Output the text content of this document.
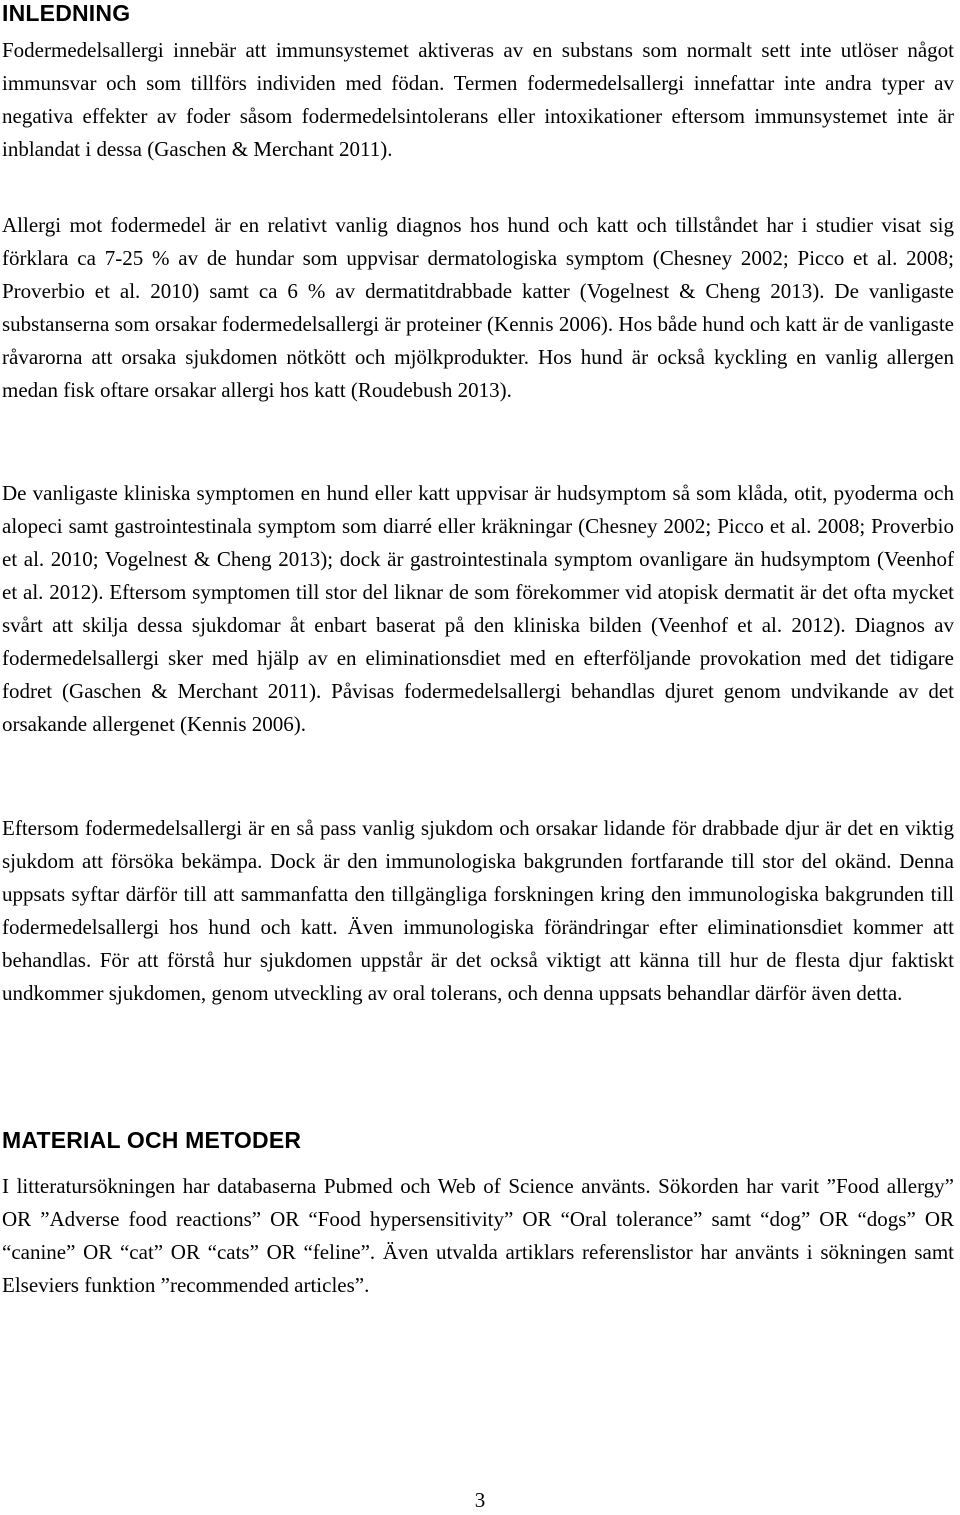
INLEDNING

Fodermedelsallergi innebär att immunsystemet aktiveras av en substans som normalt sett inte utlöser något immunsvar och som tillförs individen med födan. Termen fodermedelsallergi innefattar inte andra typer av negativa effekter av foder såsom fodermedelsintolerans eller intoxikationer eftersom immunsystemet inte är inblandat i dessa (Gaschen & Merchant 2011).

Allergi mot fodermedel är en relativt vanlig diagnos hos hund och katt och tillståndet har i studier visat sig förklara ca 7-25 % av de hundar som uppvisar dermatologiska symptom (Chesney 2002; Picco et al. 2008; Proverbio et al. 2010) samt ca 6 % av dermatitdrabbade katter (Vogelnest & Cheng 2013). De vanligaste substanserna som orsakar fodermedelsallergi är proteiner (Kennis 2006). Hos både hund och katt är de vanligaste råvarorna att orsaka sjukdomen nötkött och mjölkprodukter. Hos hund är också kyckling en vanlig allergen medan fisk oftare orsakar allergi hos katt (Roudebush 2013).

De vanligaste kliniska symptomen en hund eller katt uppvisar är hudsymptom så som klåda, otit, pyoderma och alopeci samt gastrointestinala symptom som diarré eller kräkningar (Chesney 2002; Picco et al. 2008; Proverbio et al. 2010; Vogelnest & Cheng 2013); dock är gastrointestinala symptom ovanligare än hudsymptom (Veenhof et al. 2012). Eftersom symptomen till stor del liknar de som förekommer vid atopisk dermatit är det ofta mycket svårt att skilja dessa sjukdomar åt enbart baserat på den kliniska bilden (Veenhof et al. 2012). Diagnos av fodermedelsallergi sker med hjälp av en eliminationsdiet med en efterföljande provokation med det tidigare fodret (Gaschen & Merchant 2011). Påvisas fodermedelsallergi behandlas djuret genom undvikande av det orsakande allergenet (Kennis 2006).

Eftersom fodermedelsallergi är en så pass vanlig sjukdom och orsakar lidande för drabbade djur är det en viktig sjukdom att försöka bekämpa. Dock är den immunologiska bakgrunden fortfarande till stor del okänd. Denna uppsats syftar därför till att sammanfatta den tillgängliga forskningen kring den immunologiska bakgrunden till fodermedelsallergi hos hund och katt. Även immunologiska förändringar efter eliminationsdiet kommer att behandlas. För att förstå hur sjukdomen uppstår är det också viktigt att känna till hur de flesta djur faktiskt undkommer sjukdomen, genom utveckling av oral tolerans, och denna uppsats behandlar därför även detta.

MATERIAL OCH METODER

I litteratursökningen har databaserna Pubmed och Web of Science använts. Sökorden har varit ”Food allergy” OR ”Adverse food reactions” OR “Food hypersensitivity” OR “Oral tolerance” samt “dog” OR “dogs” OR “canine” OR “cat” OR “cats” OR “feline”. Även utvalda artiklars referenslistor har använts i sökningen samt Elseviers funktion ”recommended articles”.

3
